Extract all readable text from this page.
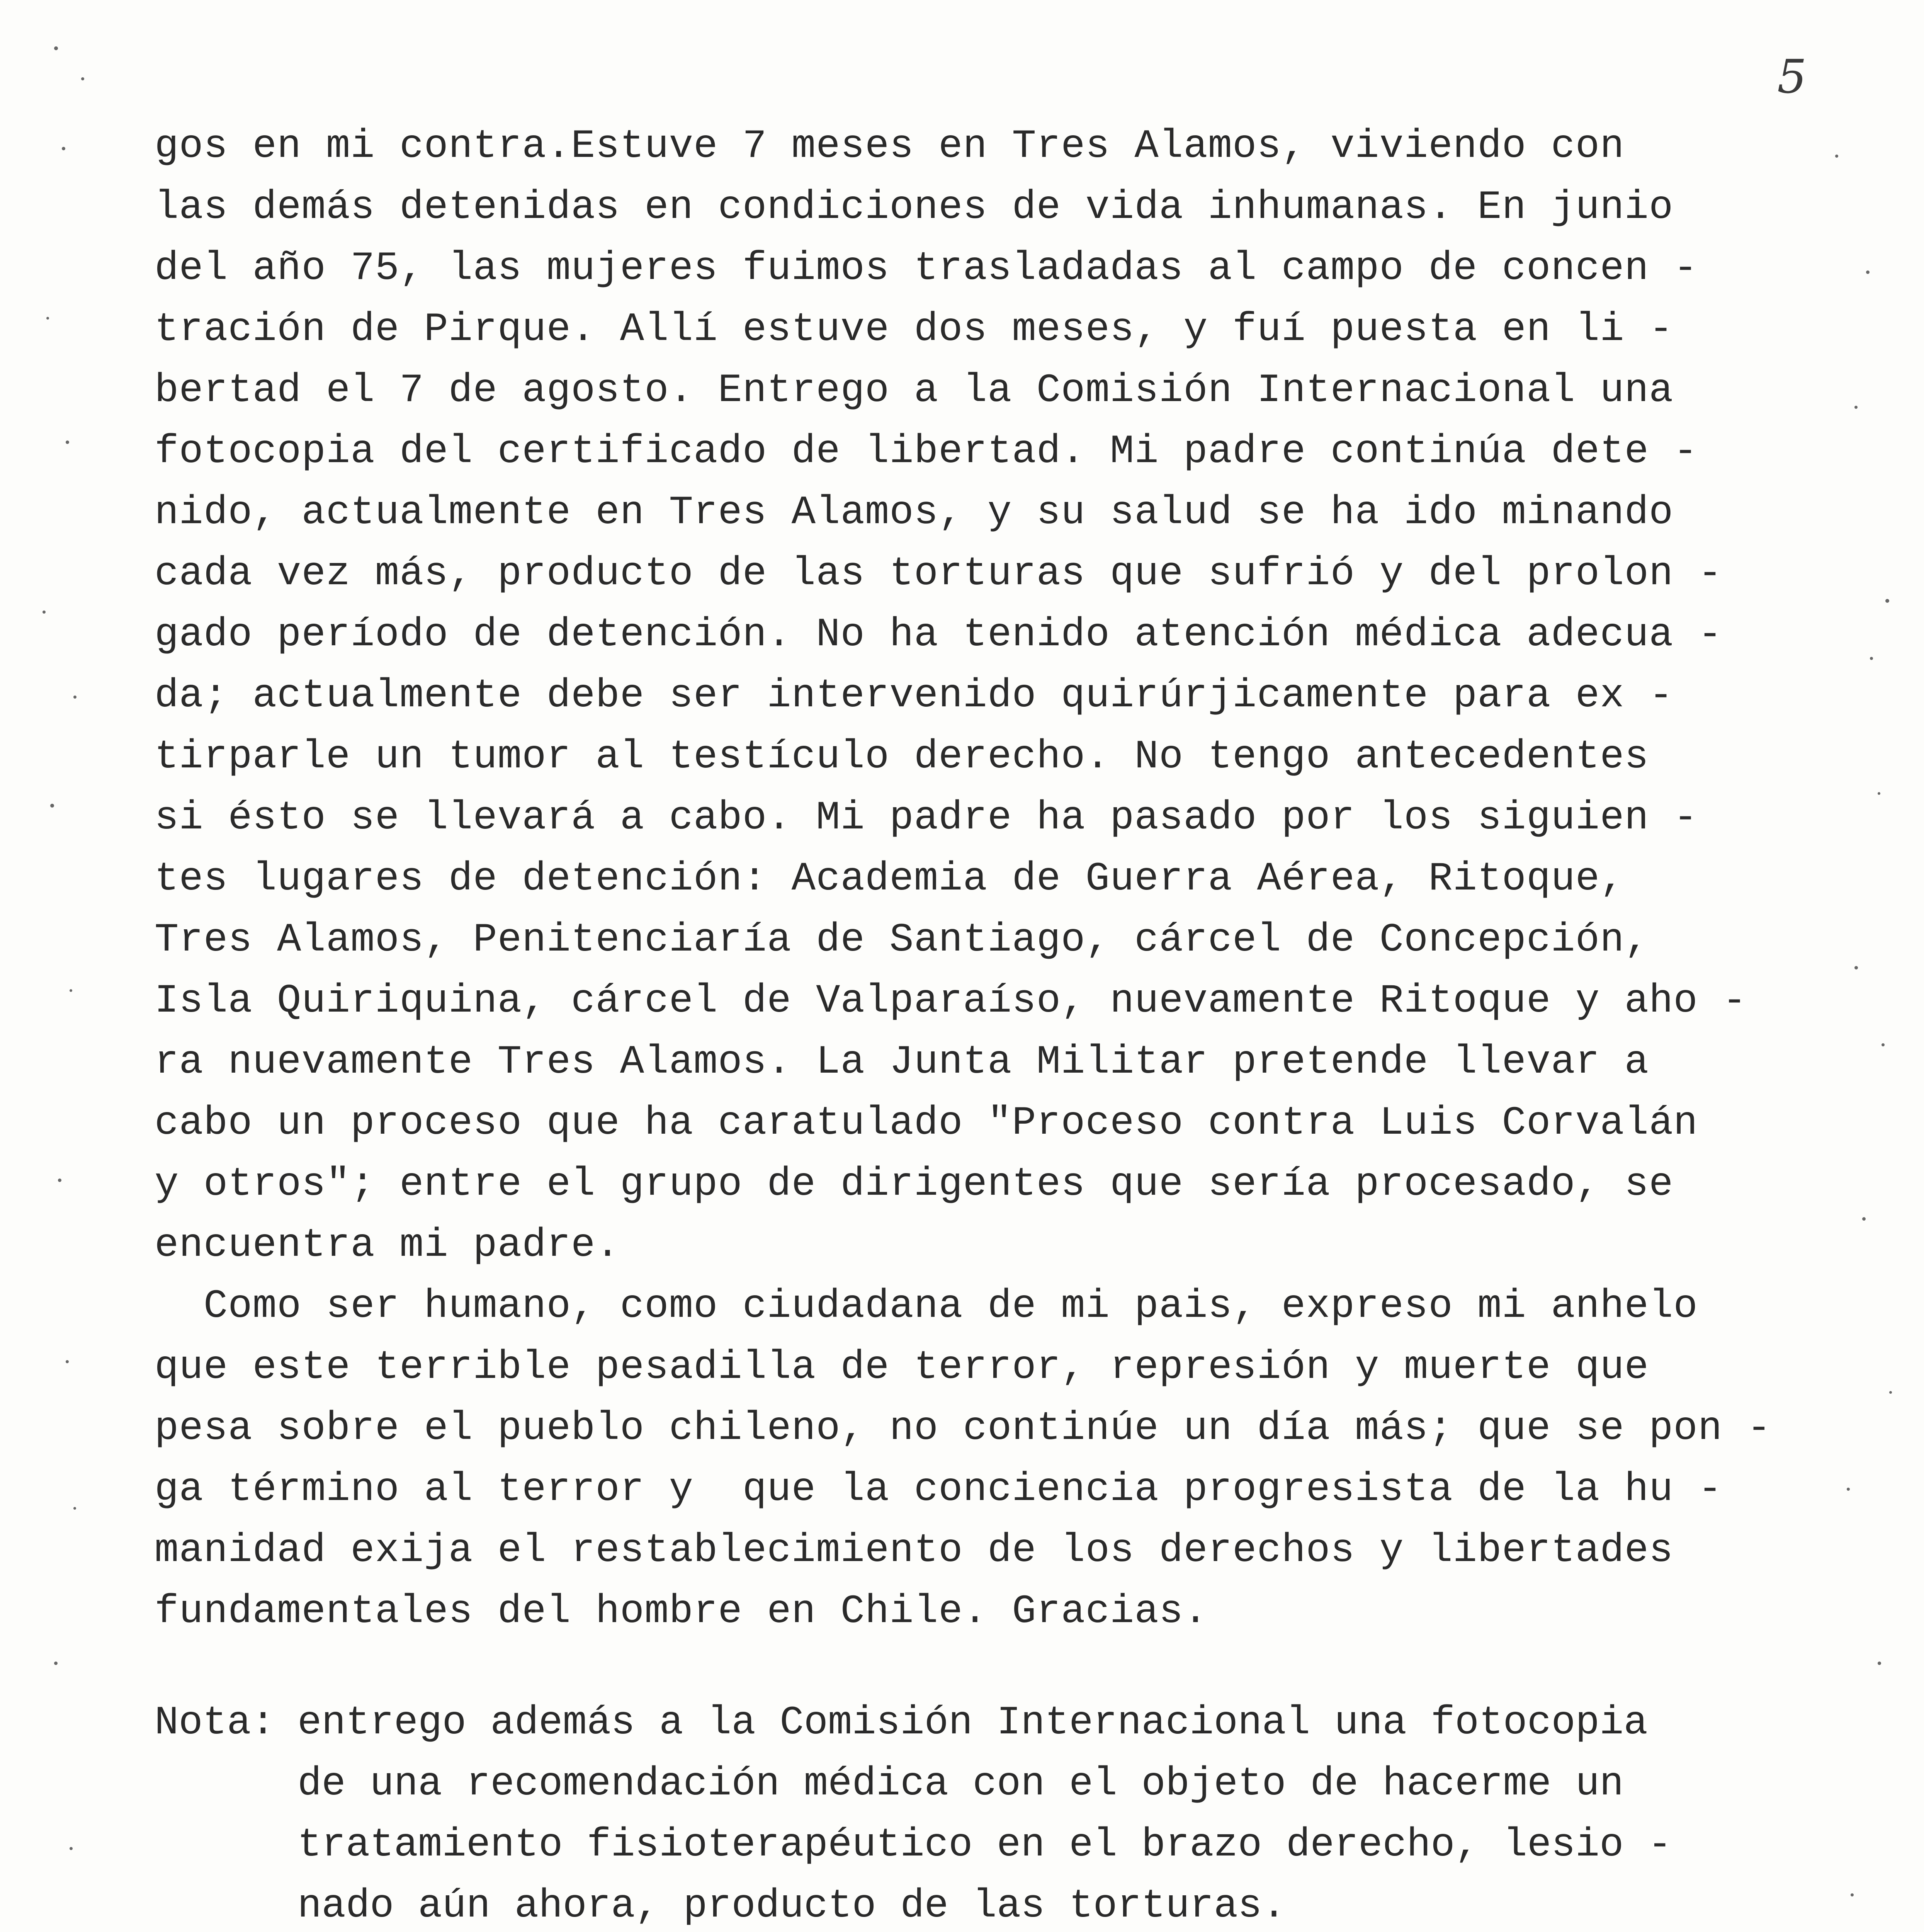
5
gos en mi contra.Estuve 7 meses en Tres Alamos, viviendo con
las demás detenidas en condiciones de vida inhumanas. En junio
del año 75, las mujeres fuimos trasladadas al campo de concen -
tración de Pirque. Allí estuve dos meses, y fuí puesta en li -
bertad el 7 de agosto. Entrego a la Comisión Internacional una
fotocopia del certificado de libertad. Mi padre continúa dete -
nido, actualmente en Tres Alamos, y su salud se ha ido minando
cada vez más, producto de las torturas que sufrió y del prolon -
gado período de detención. No ha tenido atención médica adecua -
da; actualmente debe ser intervenido quirúrjicamente para ex -
tirparle un tumor al testículo derecho. No tengo antecedentes
si ésto se llevará a cabo. Mi padre ha pasado por los siguien -
tes lugares de detención: Academia de Guerra Aérea, Ritoque,
Tres Alamos, Penitenciaría de Santiago, cárcel de Concepción,
Isla Quiriquina, cárcel de Valparaíso, nuevamente Ritoque y aho -
ra nuevamente Tres Alamos. La Junta Militar pretende llevar a
cabo un proceso que ha caratulado "Proceso contra Luis Corvalán
y otros"; entre el grupo de dirigentes que sería procesado, se
encuentra mi padre.
Como ser humano, como ciudadana de mi pais, expreso mi anhelo
que este terrible pesadilla de terror, represión y muerte que
pesa sobre el pueblo chileno, no continúe un día más; que se pon -
ga término al terror y  que la conciencia progresista de la hu -
manidad exija el restablecimiento de los derechos y libertades
fundamentales del hombre en Chile. Gracias.
Nota: entrego además a la Comisión Internacional una fotocopia
de una recomendación médica con el objeto de hacerme un
tratamiento fisioterapéutico en el brazo derecho, lesio -
nado aún ahora, producto de las torturas.
